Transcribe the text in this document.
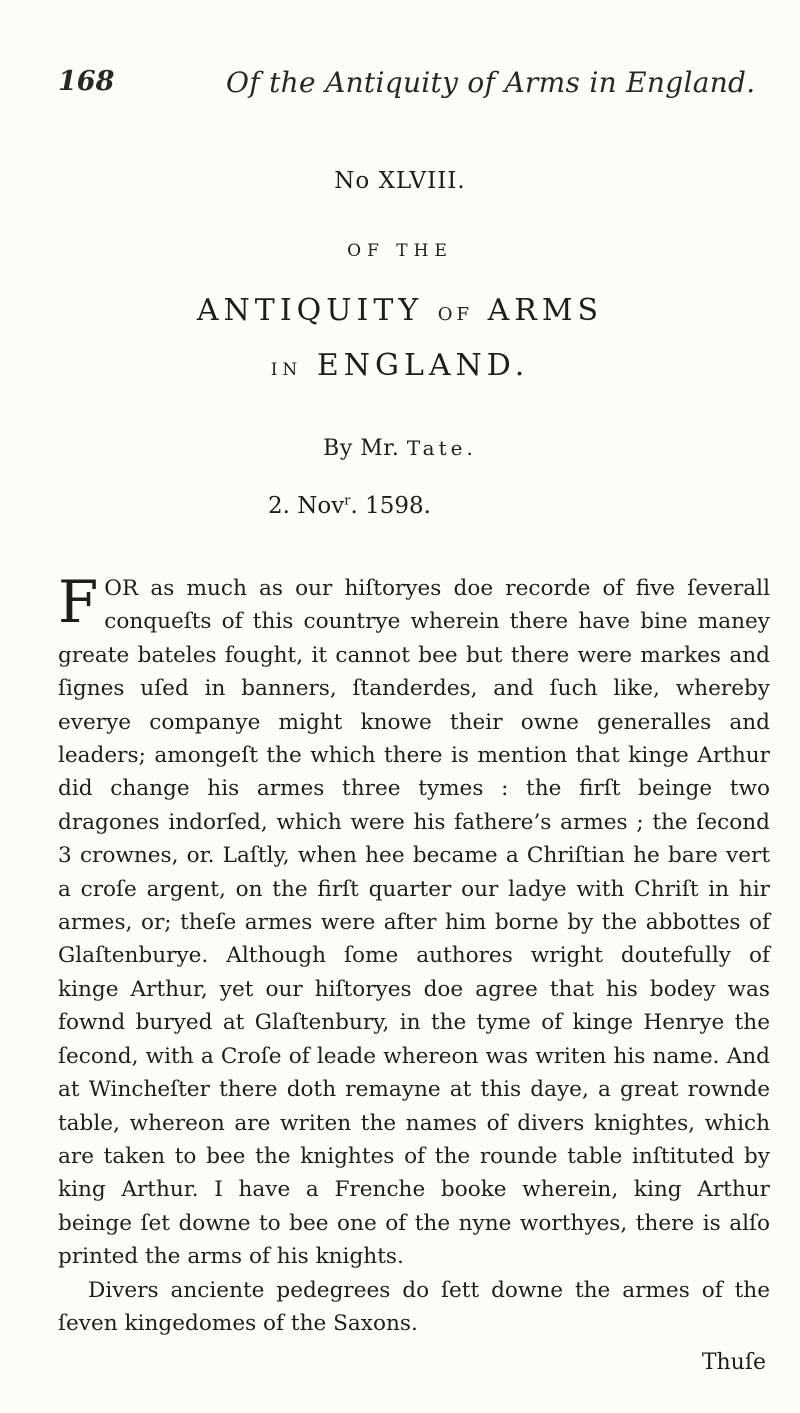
168	Of the Antiquity of Arms in England.
No XLVIII.
OF THE
ANTIQUITY OF ARMS
IN ENGLAND.
By Mr. Tate.
2. Nov$^r$. 1598.

FOR as much as our hiſtoryes doe recorde of five ſeverall conqueſts of this countrye wherein there have bine maney greate bateles fought, it cannot bee but there were markes and ſignes uſed in banners, ſtanderdes, and ſuch like, whereby everye companye might knowe their owne generalles and leaders; amongeſt the which there is mention that kinge Arthur did change his armes three tymes : the firſt beinge two dragones indorſed, which were his fathere’s armes ; the ſecond 3 crownes, or. Laſtly, when hee became a Chriſtian he bare vert a croſe argent, on the firſt quarter our ladye with Chriſt in hir armes, or; theſe armes were after him borne by the abbottes of Glaſtenburye. Although ſome authores wright doutefully of kinge Arthur, yet our hiſtoryes doe agree that his bodey was fownd buryed at Glaſtenbury, in the tyme of kinge Henrye the ſecond, with a Croſe of leade whereon was writen his name. And at Wincheſter there doth remayne at this daye, a great rownde table, whereon are writen the names of divers knightes, which are taken to bee the knightes of the rounde table inſtituted by king Arthur. I have a Frenche booke wherein, king Arthur beinge ſet downe to bee one of the nyne worthyes, there is alſo printed the arms of his knights.

Divers anciente pedegrees do ſett downe the armes of the ſeven kingedomes of the Saxons.

Thuſe
